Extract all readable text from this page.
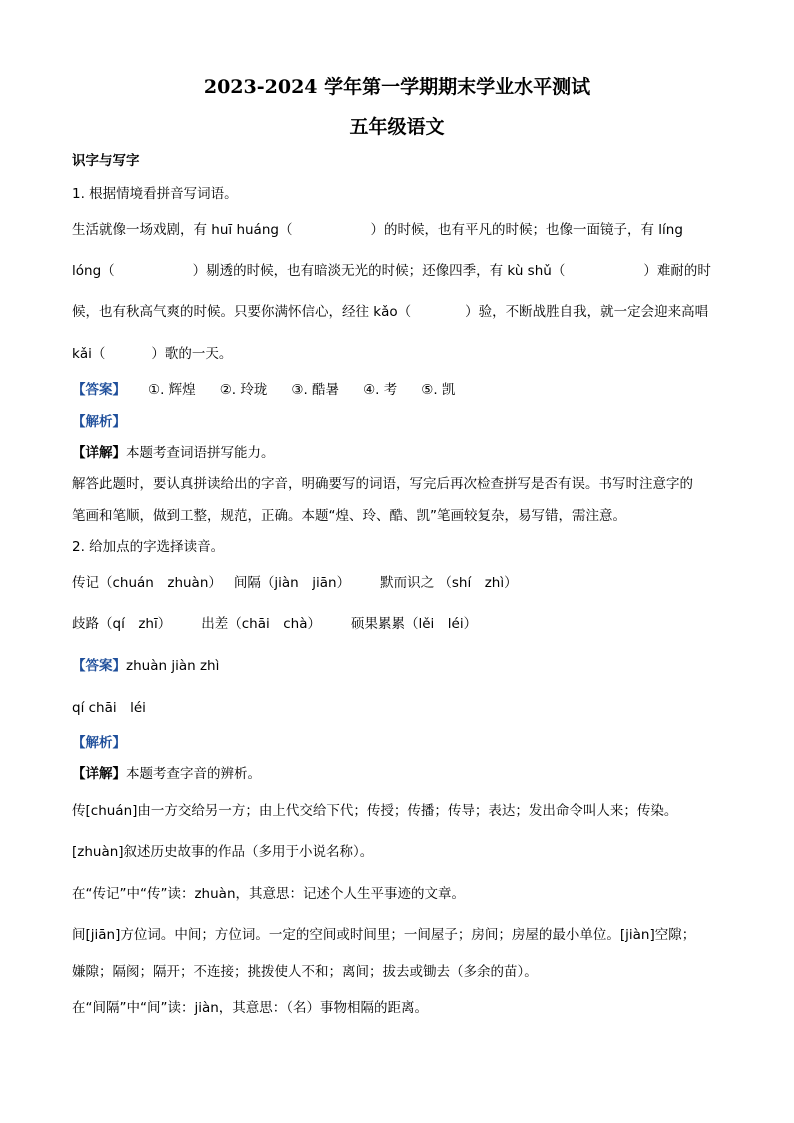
2023-2024 学年第一学期期末学业水平测试
五年级语文
识字与写字
1. 根据情境看拼音写词语。
生活就像一场戏剧，有 huī huáng（	）的时候，也有平凡的时候；也像一面镜子，有 líng
lóng（	）剔透的时候，也有暗淡无光的时候；还像四季，有 kù shǔ（	）难耐的时
候，也有秋高气爽的时候。只要你满怀信心，经往 kǎo（	）验，不断战胜自我，就一定会迎来高唱
kǎi（	）歌的一天。
【答案】 ①. 辉煌 ②. 玲珑 ③. 酷暑 ④. 考 ⑤. 凯
【解析】
【详解】本题考查词语拼写能力。
解答此题时，要认真拼读给出的字音，明确要写的词语，写完后再次检查拼写是否有误。书写时注意字的
笔画和笔顺，做到工整，规范，正确。本题“煌、玲、酷、凯”笔画较复杂，易写错，需注意。
2. 给加点的字选择读音。
传记（chuán　zhuàn） 间隔（jiàn　jiān） 默而识之 （shí　zhì）
歧路（qí　zhī） 出差（chāi　chà） 硕果累累（lěi　léi）
【答案】zhuàn jiàn zhì
qí chāi　léi
【解析】
【详解】本题考查字音的辨析。
传[chuán]由一方交给另一方；由上代交给下代；传授；传播；传导；表达；发出命令叫人来；传染。
[zhuàn]叙述历史故事的作品（多用于小说名称）。
在“传记”中“传”读：zhuàn，其意思：记述个人生平事迹的文章。
间[jiān]方位词。中间；方位词。一定的空间或时间里；一间屋子；房间；房屋的最小单位。[jiàn]空隙；
嫌隙；隔阂；隔开；不连接；挑拨使人不和；离间；拔去或锄去（多余的苗）。
在“间隔”中“间”读：jiàn，其意思：（名）事物相隔的距离。
